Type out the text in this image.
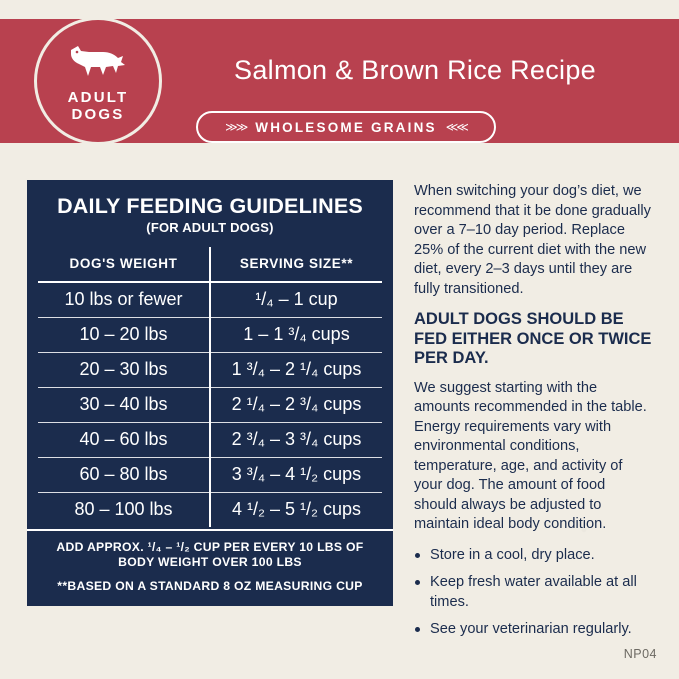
Salmon & Brown Rice Recipe
≫≫ WHOLESOME GRAINS ≪≪
ADULT
DOGS
DAILY FEEDING GUIDELINES
(FOR ADULT DOGS)
DOG'S WEIGHT	SERVING SIZE**
10 lbs or fewer	¹/₄ – 1 cup
10 – 20 lbs	1 – 1 ³/₄ cups
20 – 30 lbs	1 ³/₄ – 2 ¹/₄ cups
30 – 40 lbs	2 ¹/₄ – 2 ³/₄ cups
40 – 60 lbs	2 ³/₄ – 3 ³/₄ cups
60 – 80 lbs	3 ³/₄ – 4 ¹/₂ cups
80 – 100 lbs	4 ¹/₂ – 5 ¹/₂ cups
ADD APPROX. ¹/₄ – ¹/₂ CUP PER EVERY 10 LBS OF BODY WEIGHT OVER 100 LBS
**BASED ON A STANDARD 8 OZ MEASURING CUP

When switching your dog’s diet, we recommend that it be done gradually over a 7–10 day period. Replace 25% of the current diet with the new diet, every 2–3 days until they are fully transitioned.

ADULT DOGS SHOULD BE FED EITHER ONCE OR TWICE PER DAY.

We suggest starting with the amounts recommended in the table. Energy requirements vary with environmental conditions, temperature, age, and activity of your dog. The amount of food should always be adjusted to maintain ideal body condition.

Store in a cool, dry place.
Keep fresh water available at all times.
See your veterinarian regularly.
NP04
